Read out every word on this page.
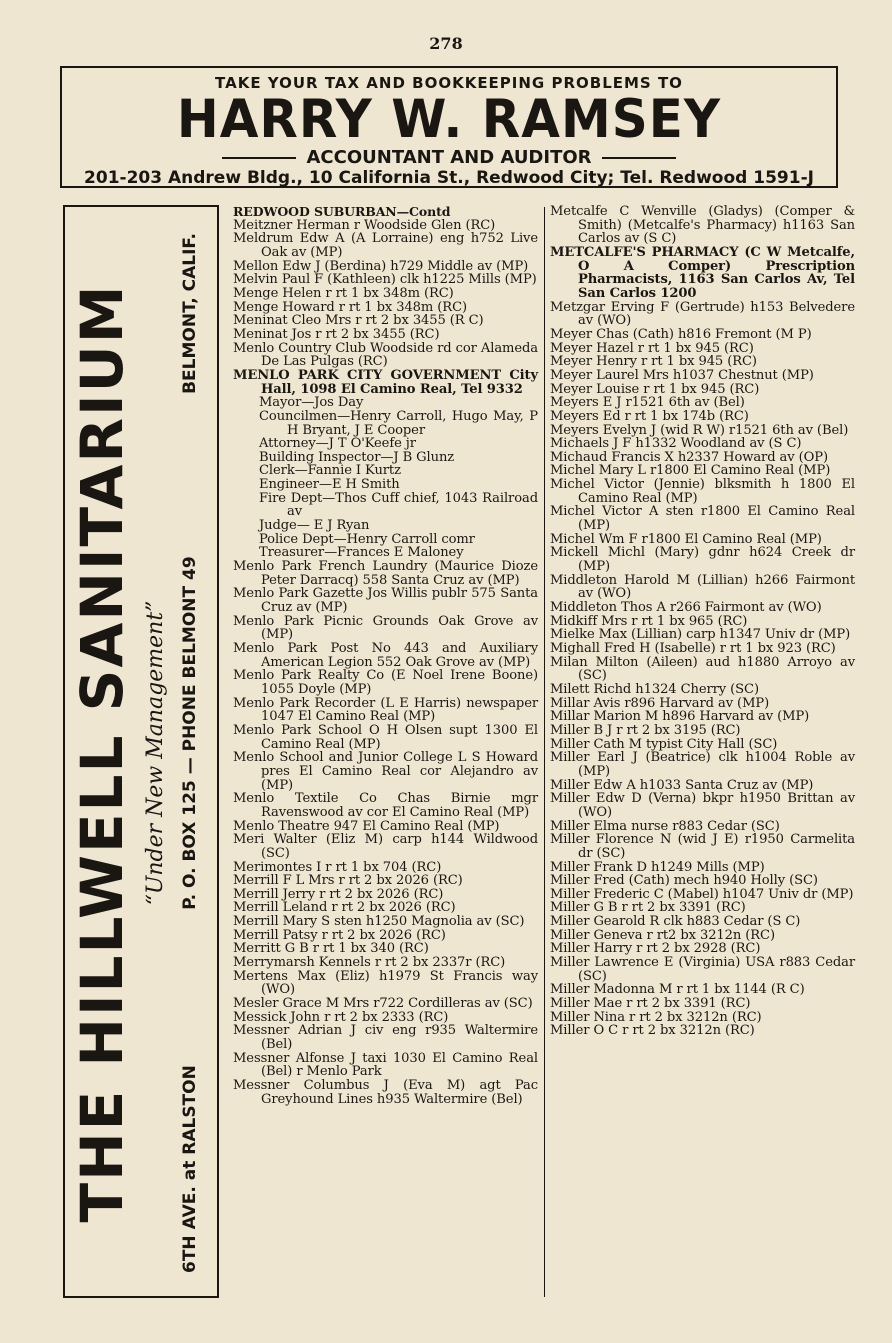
278
TAKE YOUR TAX AND BOOKKEEPING PROBLEMS TO
HARRY W. RAMSEY
ACCOUNTANT AND AUDITOR
201-203 Andrew Bldg., 10 California St., Redwood City; Tel. Redwood 1591-J
THE HILLWELL SANITARIUM “Under New Management”
6TH AVE. at RALSTON
P. O. BOX 125 — PHONE BELMONT 49
BELMONT, CALIF.
REDWOOD SUBURBAN—Contd
Meitzner Herman r Woodside Glen (RC)
Meldrum Edw A (A Lorraine) eng h752 Live Oak av (MP)
Mellon Edw J (Berdina) h729 Middle av (MP)
Melvin Paul F (Kathleen) clk h1225 Mills (MP)
Menge Helen r rt 1 bx 348m (RC)
Menge Howard r rt 1 bx 348m (RC)
Meninat Cleo Mrs r rt 2 bx 3455 (R C)
Meninat Jos r rt 2 bx 3455 (RC)
Menlo Country Club Woodside rd cor Alameda De Las Pulgas (RC)
MENLO PARK CITY GOVERNMENT City Hall, 1098 El Camino Real, Tel 9332
Mayor—Jos Day
Councilmen—Henry Carroll, Hugo May, P H Bryant, J E Cooper
Attorney—J T O'Keefe jr
Building Inspector—J B Glunz
Clerk—Fannie I Kurtz
Engineer—E H Smith
Fire Dept—Thos Cuff chief, 1043 Railroad av
Judge— E J Ryan
Police Dept—Henry Carroll comr
Treasurer—Frances E Maloney
Menlo Park French Laundry (Maurice Dioze Peter Darracq) 558 Santa Cruz av (MP)
Menlo Park Gazette Jos Willis publr 575 Santa Cruz av (MP)
Menlo Park Picnic Grounds Oak Grove av (MP)
Menlo Park Post No 443 and Auxiliary American Legion 552 Oak Grove av (MP)
Menlo Park Realty Co (E Noel Irene Boone) 1055 Doyle (MP)
Menlo Park Recorder (L E Harris) newspaper 1047 El Camino Real (MP)
Menlo Park School O H Olsen supt 1300 El Camino Real (MP)
Menlo School and Junior College L S Howard pres El Camino Real cor Alejandro av (MP)
Menlo Textile Co Chas Birnie mgr Ravenswood av cor El Camino Real (MP)
Menlo Theatre 947 El Camino Real (MP)
Meri Walter (Eliz M) carp h144 Wildwood (SC)
Merimontes I r rt 1 bx 704 (RC)
Merrill F L Mrs r rt 2 bx 2026 (RC)
Merrill Jerry r rt 2 bx 2026 (RC)
Merrill Leland r rt 2 bx 2026 (RC)
Merrill Mary S sten h1250 Magnolia av (SC)
Merrill Patsy r rt 2 bx 2026 (RC)
Merritt G B r rt 1 bx 340 (RC)
Merrymarsh Kennels r rt 2 bx 2337r (RC)
Mertens Max (Eliz) h1979 St Francis way (WO)
Mesler Grace M Mrs r722 Cordilleras av (SC)
Messick John r rt 2 bx 2333 (RC)
Messner Adrian J civ eng r935 Waltermire (Bel)
Messner Alfonse J taxi 1030 El Camino Real (Bel) r Menlo Park
Messner Columbus J (Eva M) agt Pac Greyhound Lines h935 Waltermire (Bel)
Metcalfe C Wenville (Gladys) (Comper & Smith) (Metcalfe's Pharmacy) h1163 San Carlos av (S C)
METCALFE'S PHARMACY (C W Metcalfe, O A Comper) Prescription Pharmacists, 1163 San Carlos Av, Tel San Carlos 1200
Metzgar Erving F (Gertrude) h153 Belvedere av (WO)
Meyer Chas (Cath) h816 Fremont (M P)
Meyer Hazel r rt 1 bx 945 (RC)
Meyer Henry r rt 1 bx 945 (RC)
Meyer Laurel Mrs h1037 Chestnut (MP)
Meyer Louise r rt 1 bx 945 (RC)
Meyers E J r1521 6th av (Bel)
Meyers Ed r rt 1 bx 174b (RC)
Meyers Evelyn J (wid R W) r1521 6th av (Bel)
Michaels J F h1332 Woodland av (S C)
Michaud Francis X h2337 Howard av (OP)
Michel Mary L r1800 El Camino Real (MP)
Michel Victor (Jennie) blksmith h 1800 El Camino Real (MP)
Michel Victor A sten r1800 El Camino Real (MP)
Michel Wm F r1800 El Camino Real (MP)
Mickell Michl (Mary) gdnr h624 Creek dr (MP)
Middleton Harold M (Lillian) h266 Fairmont av (WO)
Middleton Thos A r266 Fairmont av (WO)
Midkiff Mrs r rt 1 bx 965 (RC)
Mielke Max (Lillian) carp h1347 Univ dr (MP)
Mighall Fred H (Isabelle) r rt 1 bx 923 (RC)
Milan Milton (Aileen) aud h1880 Arroyo av (SC)
Milett Richd h1324 Cherry (SC)
Millar Avis r896 Harvard av (MP)
Millar Marion M h896 Harvard av (MP)
Miller B J r rt 2 bx 3195 (RC)
Miller Cath M typist City Hall (SC)
Miller Earl J (Beatrice) clk h1004 Roble av (MP)
Miller Edw A h1033 Santa Cruz av (MP)
Miller Edw D (Verna) bkpr h1950 Brittan av (WO)
Miller Elma nurse r883 Cedar (SC)
Miller Florence N (wid J E) r1950 Carmelita dr (SC)
Miller Frank D h1249 Mills (MP)
Miller Fred (Cath) mech h940 Holly (SC)
Miller Frederic C (Mabel) h1047 Univ dr (MP)
Miller G B r rt 2 bx 3391 (RC)
Miller Gearold R clk h883 Cedar (S C)
Miller Geneva r rt2 bx 3212n (RC)
Miller Harry r rt 2 bx 2928 (RC)
Miller Lawrence E (Virginia) USA r883 Cedar (SC)
Miller Madonna M r rt 1 bx 1144 (R C)
Miller Mae r rt 2 bx 3391 (RC)
Miller Nina r rt 2 bx 3212n (RC)
Miller O C r rt 2 bx 3212n (RC)
